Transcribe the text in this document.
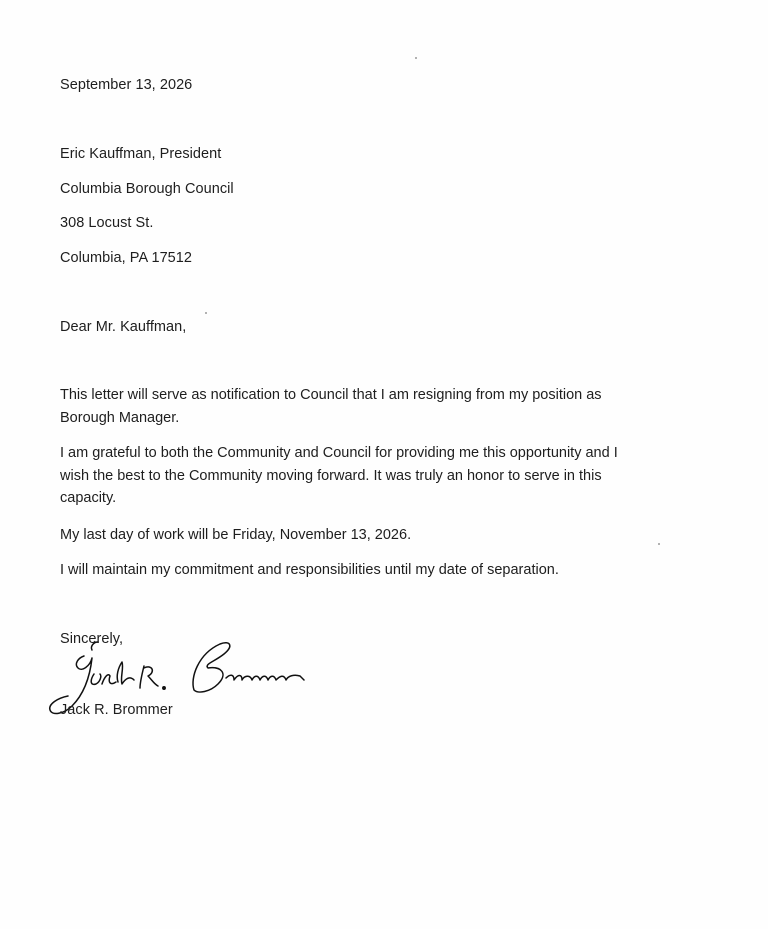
September 13, 2026
Eric Kauffman, President
Columbia Borough Council
308 Locust St.
Columbia, PA 17512
Dear Mr. Kauffman,

This letter will serve as notification to Council that I am resigning from my position as

Borough Manager.

I am grateful to both the Community and Council for providing me this opportunity and I

wish the best to the Community moving forward. It was truly an honor to serve in this

capacity.

My last day of work will be Friday, November 13, 2026.

I will maintain my commitment and responsibilities until my date of separation.

Sincerely,
Jack R. Brommer
